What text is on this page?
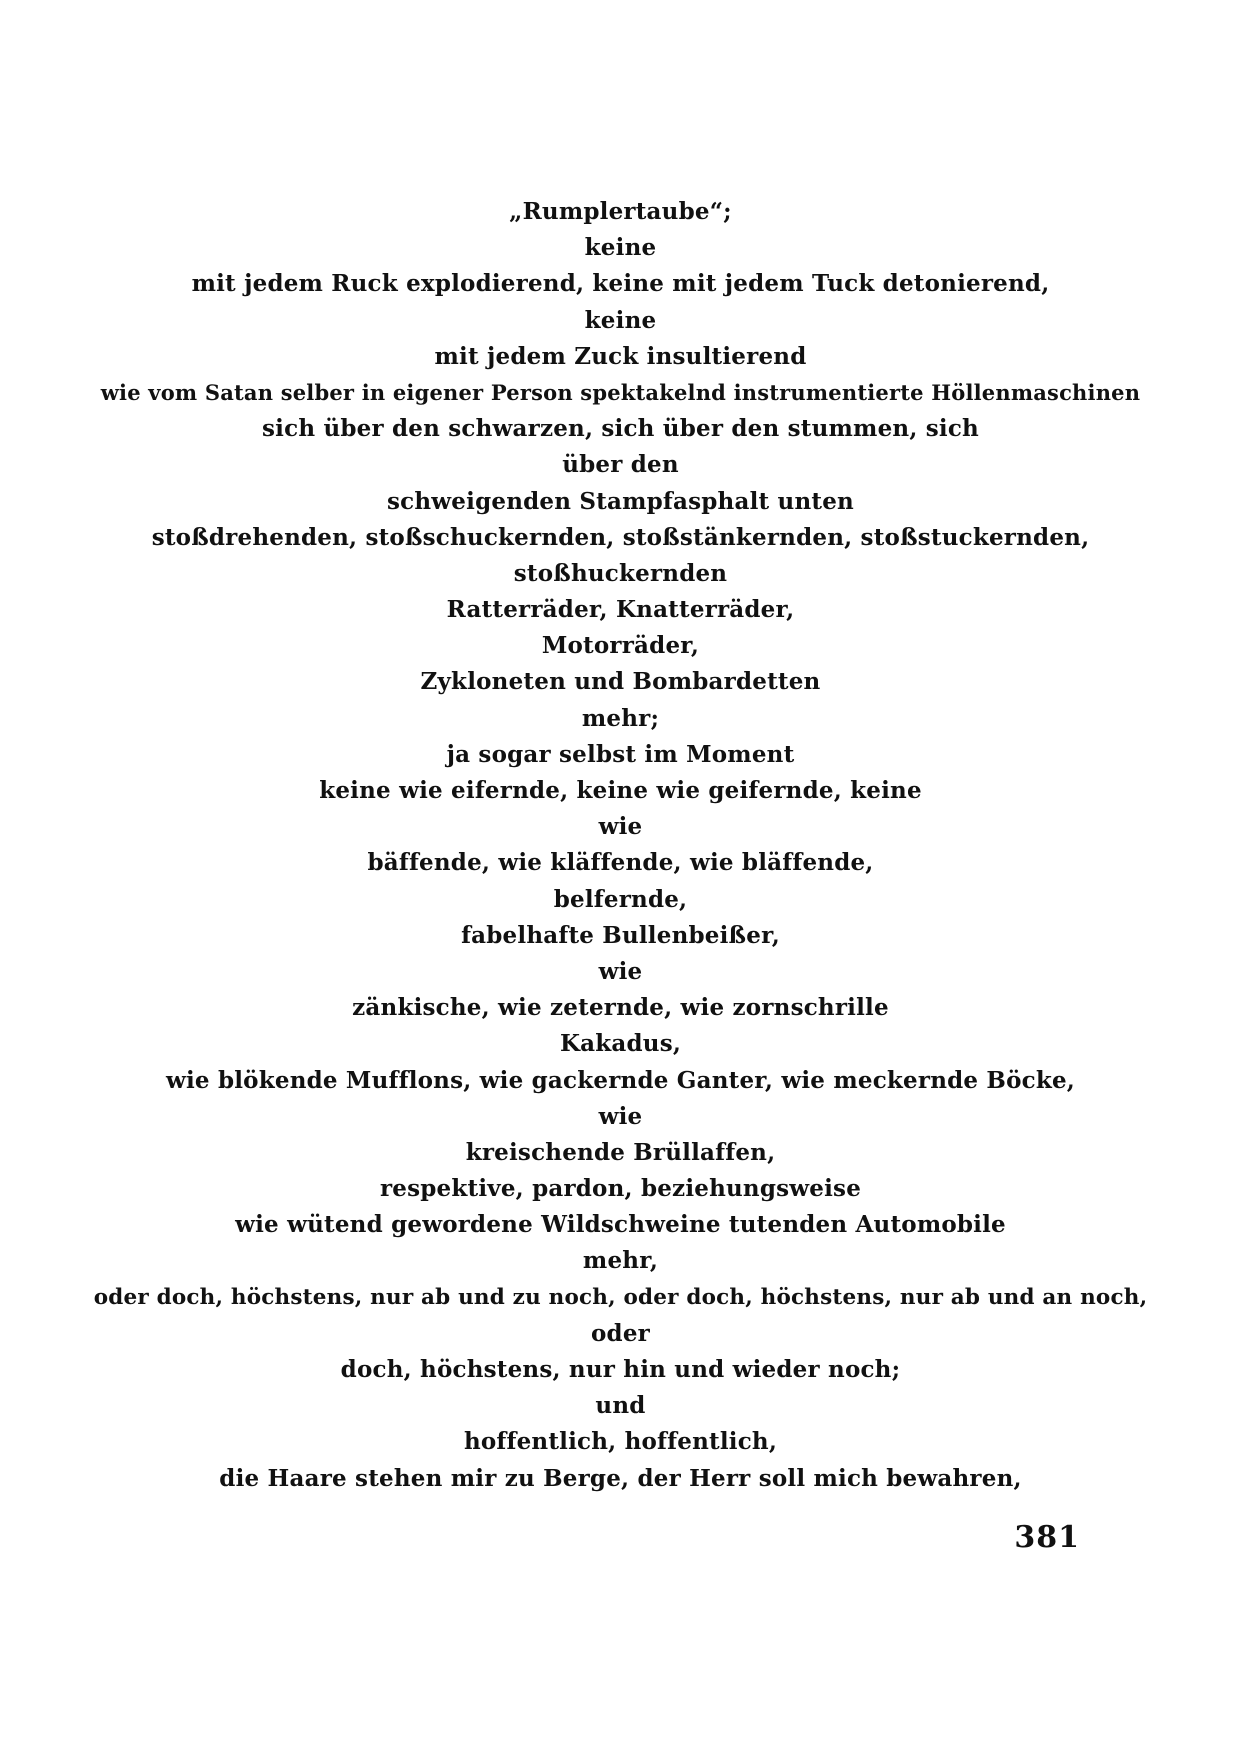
„Rumplertaube“;
keine
mit jedem Ruck explodierend, keine mit jedem Tuck detonierend,
keine
mit jedem Zuck insultierend
wie vom Satan selber in eigener Person spektakelnd instrumentierte Höllenmaschinen
sich über den schwarzen, sich über den stummen, sich
über den
schweigenden Stampfasphalt unten
stoßdrehenden, stoßschuckernden, stoßstänkernden, stoßstuckernden,
stoßhuckernden
Ratterräder, Knatterräder,
Motorräder,
Zykloneten und Bombardetten
mehr;
ja sogar selbst im Moment
keine wie eifernde, keine wie geifernde, keine
wie
bäffende, wie kläffende, wie bläffende,
belfernde,
fabelhafte Bullenbeißer,
wie
zänkische, wie zeternde, wie zornschrille
Kakadus,
wie blökende Mufflons, wie gackernde Ganter, wie meckernde Böcke,
wie
kreischende Brüllaffen,
respektive, pardon, beziehungsweise
wie wütend gewordene Wildschweine tutenden Automobile
mehr,
oder doch, höchstens, nur ab und zu noch, oder doch, höchstens, nur ab und an noch,
oder
doch, höchstens, nur hin und wieder noch;
und
hoffentlich, hoffentlich,
die Haare stehen mir zu Berge, der Herr soll mich bewahren,
381
